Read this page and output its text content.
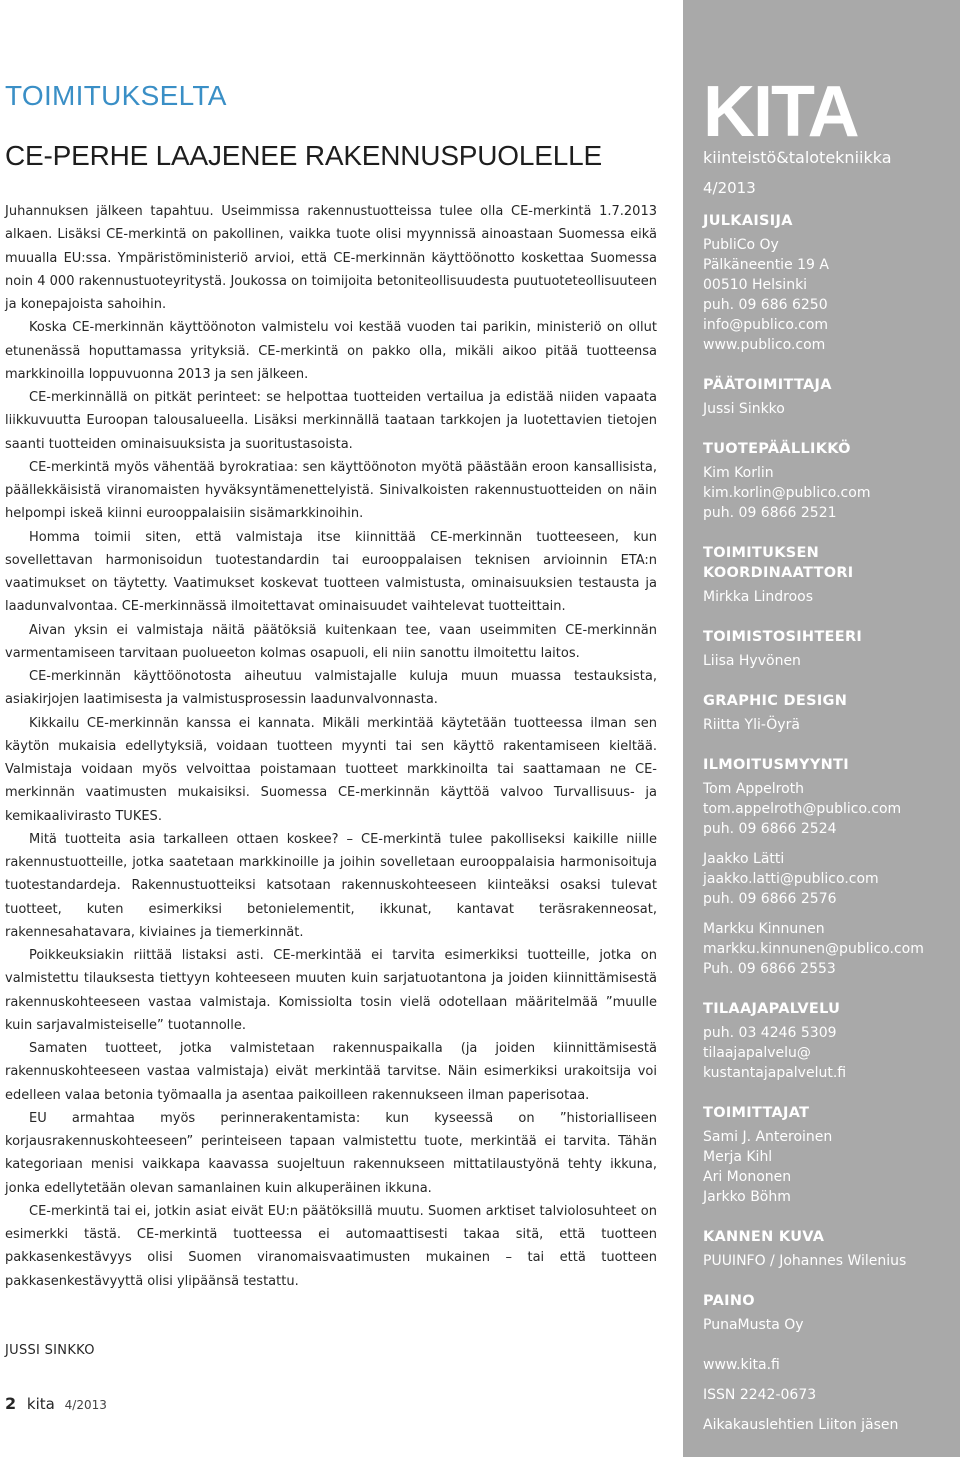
TOIMITUKSELTA
CE-PERHE LAAJENEE RAKENNUSPUOLELLE

Juhannuksen jälkeen tapahtuu. Useimmissa rakennustuotteissa tulee olla CE-merkintä 1.7.2013 alkaen. Lisäksi CE-merkintä on pakollinen, vaikka tuote olisi myynnissä ainoastaan Suomessa eikä muualla EU:ssa. Ympäristöministeriö arvioi, että CE-merkinnän käyttöönotto koskettaa Suomessa noin 4 000 rakennustuoteyritystä. Joukossa on toimijoita betoniteollisuudesta puutuoteteollisuuteen ja konepajoista sahoihin.

Koska CE-merkinnän käyttöönoton valmistelu voi kestää vuoden tai parikin, ministeriö on ollut etunenässä hoputtamassa yrityksiä. CE-merkintä on pakko olla, mikäli aikoo pitää tuotteensa markkinoilla loppuvuonna 2013 ja sen jälkeen.

CE-merkinnällä on pitkät perinteet: se helpottaa tuotteiden vertailua ja edistää niiden vapaata liikkuvuutta Euroopan talousalueella. Lisäksi merkinnällä taataan tarkkojen ja luotettavien tietojen saanti tuotteiden ominaisuuksista ja suoritustasoista.

CE-merkintä myös vähentää byrokratiaa: sen käyttöönoton myötä päästään eroon kansallisista, päällekkäisistä viranomaisten hyväksyntämenettelyistä. Sinivalkoisten rakennustuotteiden on näin helpompi iskeä kiinni eurooppalaisiin sisämarkkinoihin.

Homma toimii siten, että valmistaja itse kiinnittää CE-merkinnän tuotteeseen, kun sovellettavan harmonisoidun tuotestandardin tai eurooppalaisen teknisen arvioinnin ETA:n vaatimukset on täytetty. Vaatimukset koskevat tuotteen valmistusta, ominaisuuksien testausta ja laadunvalvontaa. CE-merkinnässä ilmoitettavat ominaisuudet vaihtelevat tuotteittain.

Aivan yksin ei valmistaja näitä päätöksiä kuitenkaan tee, vaan useimmiten CE-merkinnän varmentamiseen tarvitaan puolueeton kolmas osapuoli, eli niin sanottu ilmoitettu laitos.

CE-merkinnän käyttöönotosta aiheutuu valmistajalle kuluja muun muassa testauksista, asiakirjojen laatimisesta ja valmistusprosessin laadunvalvonnasta.

Kikkailu CE-merkinnän kanssa ei kannata. Mikäli merkintää käytetään tuotteessa ilman sen käytön mukaisia edellytyksiä, voidaan tuotteen myynti tai sen käyttö rakentamiseen kieltää. Valmistaja voidaan myös velvoittaa poistamaan tuotteet markkinoilta tai saattamaan ne CE-merkinnän vaatimusten mukaisiksi. Suomessa CE-merkinnän käyttöä valvoo Turvallisuus- ja kemikaalivirasto TUKES.

Mitä tuotteita asia tarkalleen ottaen koskee? – CE-merkintä tulee pakolliseksi kaikille niille rakennustuotteille, jotka saatetaan markkinoille ja joihin sovelletaan eurooppalaisia harmonisoituja tuotestandardeja. Rakennustuotteiksi katsotaan rakennuskohteeseen kiinteäksi osaksi tulevat tuotteet, kuten esimerkiksi betonielementit, ikkunat, kantavat teräsrakenneosat, rakennesahatavara, kiviaines ja tiemerkinnät.

Poikkeuksiakin riittää listaksi asti. CE-merkintää ei tarvita esimerkiksi tuotteille, jotka on valmistettu tilauksesta tiettyyn kohteeseen muuten kuin sarjatuotantona ja joiden kiinnittämisestä rakennuskohteeseen vastaa valmistaja. Komissiolta tosin vielä odotellaan määritelmää ”muulle kuin sarjavalmisteiselle” tuotannolle.

Samaten tuotteet, jotka valmistetaan rakennuspaikalla (ja joiden kiinnittämisestä rakennuskohteeseen vastaa valmistaja) eivät merkintää tarvitse. Näin esimerkiksi urakoitsija voi edelleen valaa betonia työmaalla ja asentaa paikoilleen rakennukseen ilman paperisotaa.

EU armahtaa myös perinnerakentamista: kun kyseessä on ”historialliseen korjausrakennuskohteeseen” perinteiseen tapaan valmistettu tuote, merkintää ei tarvita. Tähän kategoriaan menisi vaikkapa kaavassa suojeltuun rakennukseen mittatilaustyönä tehty ikkuna, jonka edellytetään olevan samanlainen kuin alkuperäinen ikkuna.

CE-merkintä tai ei, jotkin asiat eivät EU:n päätöksillä muutu. Suomen arktiset talviolosuhteet on esimerkki tästä. CE-merkintä tuotteessa ei automaattisesti takaa sitä, että tuotteen pakkasenkestävyys olisi Suomen viranomaisvaatimusten mukainen – tai että tuotteen pakkasenkestävyyttä olisi ylipäänsä testattu.

JUSSI SINKKO
2 kita 4/2013
KITA
kiinteistö&talotekniikka
4/2013
JULKAISIJA
PubliCo Oy
Pälkäneentie 19 A
00510 Helsinki
puh. 09 686 6250
info@publico.com
www.publico.com
PÄÄTOIMITTAJA
Jussi Sinkko
TUOTEPÄÄLLIKKÖ
Kim Korlin
kim.korlin@publico.com
puh. 09 6866 2521
TOIMITUKSEN KOORDINAATTORI
Mirkka Lindroos
TOIMISTOSIHTEERI
Liisa Hyvönen
GRAPHIC DESIGN
Riitta Yli-Öyrä
ILMOITUSMYYNTI
Tom Appelroth
tom.appelroth@publico.com
puh. 09 6866 2524
Jaakko Lätti
jaakko.latti@publico.com
puh. 09 6866 2576
Markku Kinnunen
markku.kinnunen@publico.com
Puh. 09 6866 2553
TILAAJAPALVELU
puh. 03 4246 5309
tilaajapalvelu@
kustantajapalvelut.fi
TOIMITTAJAT
Sami J. Anteroinen
Merja Kihl
Ari Mononen
Jarkko Böhm
KANNEN KUVA
PUUINFO / Johannes Wilenius
PAINO
PunaMusta Oy
www.kita.fi
ISSN 2242-0673
Aikakauslehtien Liiton jäsen
